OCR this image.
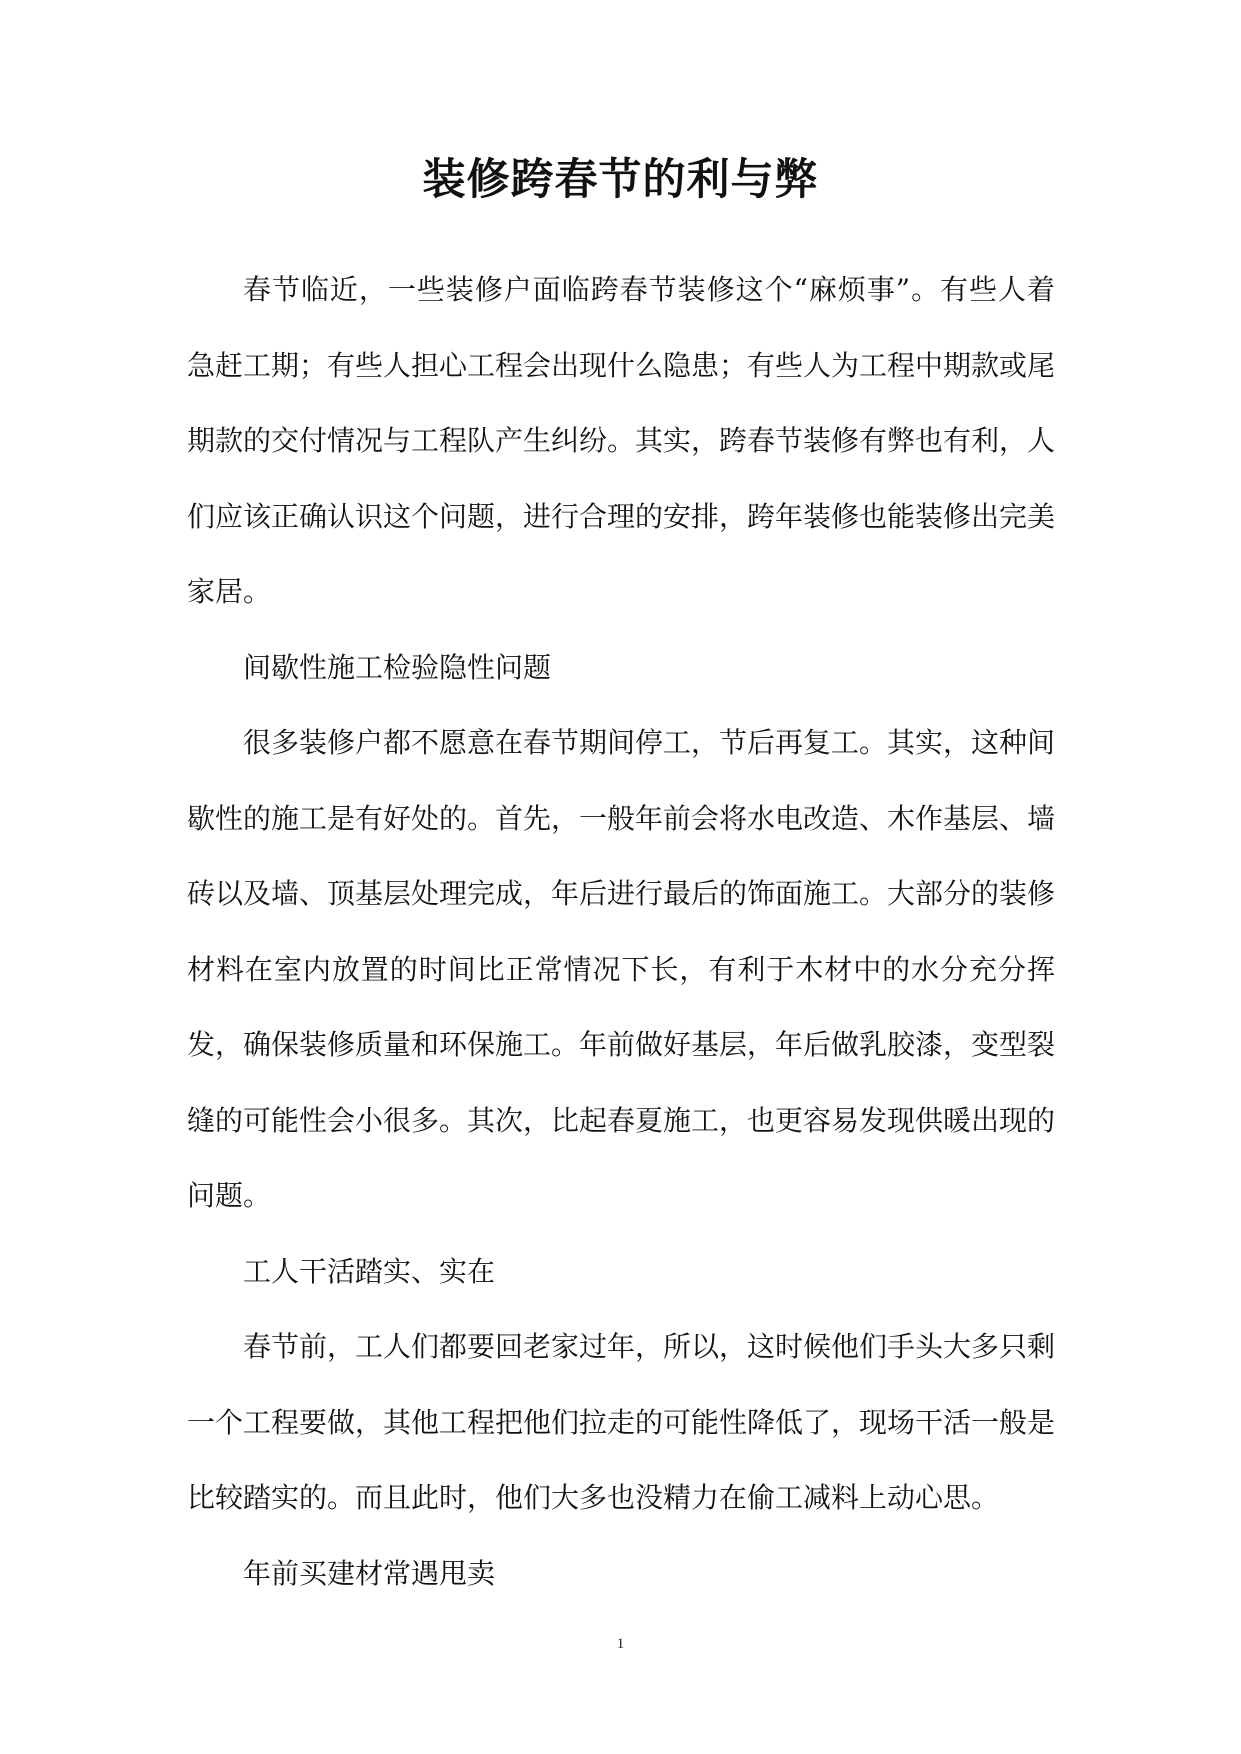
装修跨春节的利与弊

春节临近，一些装修户面临跨春节装修这个“麻烦事”。有些人着急赶工期；有些人担心工程会出现什么隐患；有些人为工程中期款或尾期款的交付情况与工程队产生纠纷。其实，跨春节装修有弊也有利，人们应该正确认识这个问题，进行合理的安排，跨年装修也能装修出完美家居。

间歇性施工检验隐性问题

很多装修户都不愿意在春节期间停工，节后再复工。其实，这种间歇性的施工是有好处的。首先，一般年前会将水电改造、木作基层、墙砖以及墙、顶基层处理完成，年后进行最后的饰面施工。大部分的装修材料在室内放置的时间比正常情况下长，有利于木材中的水分充分挥发，确保装修质量和环保施工。年前做好基层，年后做乳胶漆，变型裂缝的可能性会小很多。其次，比起春夏施工，也更容易发现供暖出现的问题。

工人干活踏实、实在

春节前，工人们都要回老家过年，所以，这时候他们手头大多只剩一个工程要做，其他工程把他们拉走的可能性降低了，现场干活一般是比较踏实的。而且此时，他们大多也没精力在偷工减料上动心思。

年前买建材常遇甩卖

1
